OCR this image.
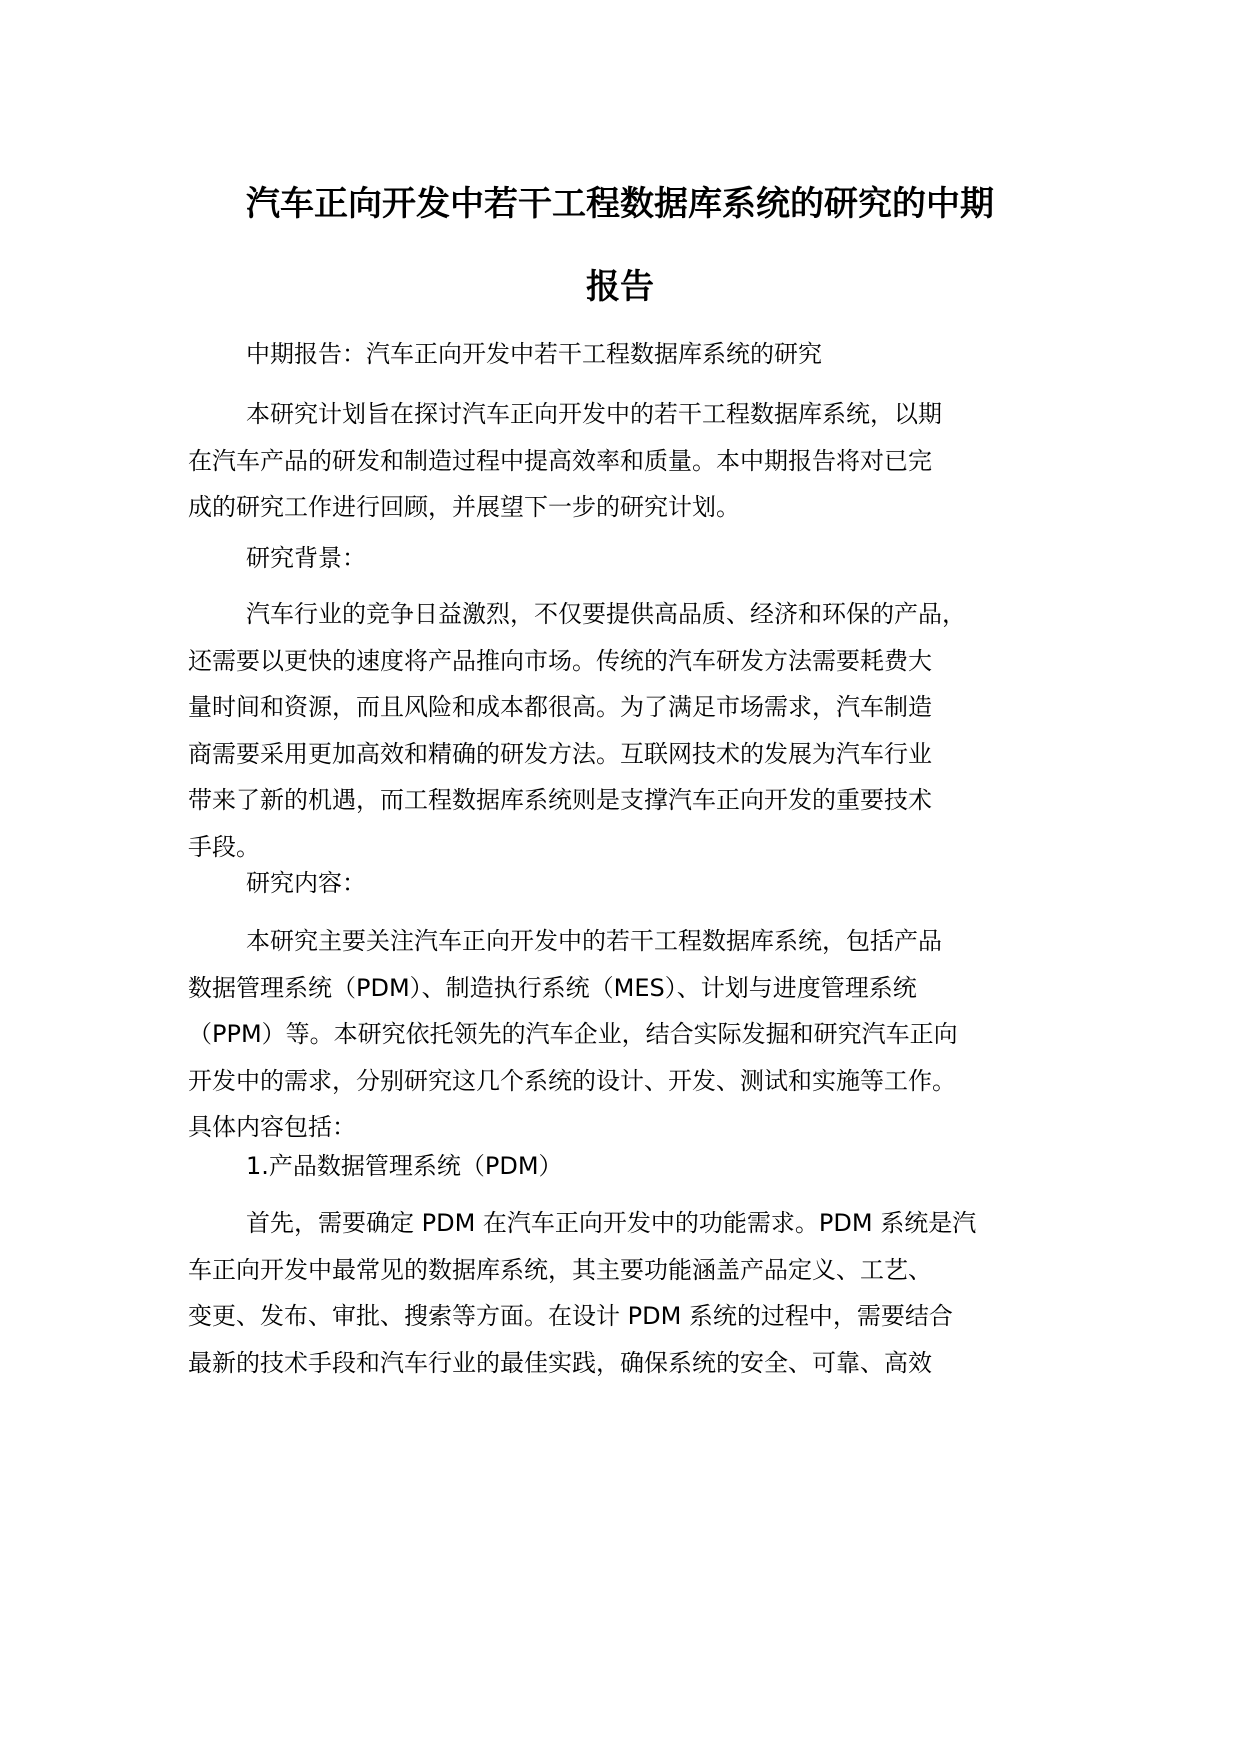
汽车正向开发中若干工程数据库系统的研究的中期
报告

中期报告：汽车正向开发中若干工程数据库系统的研究

本研究计划旨在探讨汽车正向开发中的若干工程数据库系统，以期
在汽车产品的研发和制造过程中提高效率和质量。本中期报告将对已完
成的研究工作进行回顾，并展望下一步的研究计划。

研究背景：

汽车行业的竞争日益激烈，不仅要提供高品质、经济和环保的产品，
还需要以更快的速度将产品推向市场。传统的汽车研发方法需要耗费大
量时间和资源，而且风险和成本都很高。为了满足市场需求，汽车制造
商需要采用更加高效和精确的研发方法。互联网技术的发展为汽车行业
带来了新的机遇，而工程数据库系统则是支撑汽车正向开发的重要技术
手段。

研究内容：

本研究主要关注汽车正向开发中的若干工程数据库系统，包括产品
数据管理系统（PDM）、制造执行系统（MES）、计划与进度管理系统
（PPM）等。本研究依托领先的汽车企业，结合实际发掘和研究汽车正向
开发中的需求，分别研究这几个系统的设计、开发、测试和实施等工作。
具体内容包括：

1.产品数据管理系统（PDM）

首先，需要确定 PDM 在汽车正向开发中的功能需求。PDM 系统是汽
车正向开发中最常见的数据库系统，其主要功能涵盖产品定义、工艺、
变更、发布、审批、搜索等方面。在设计 PDM 系统的过程中，需要结合
最新的技术手段和汽车行业的最佳实践，确保系统的安全、可靠、高效
